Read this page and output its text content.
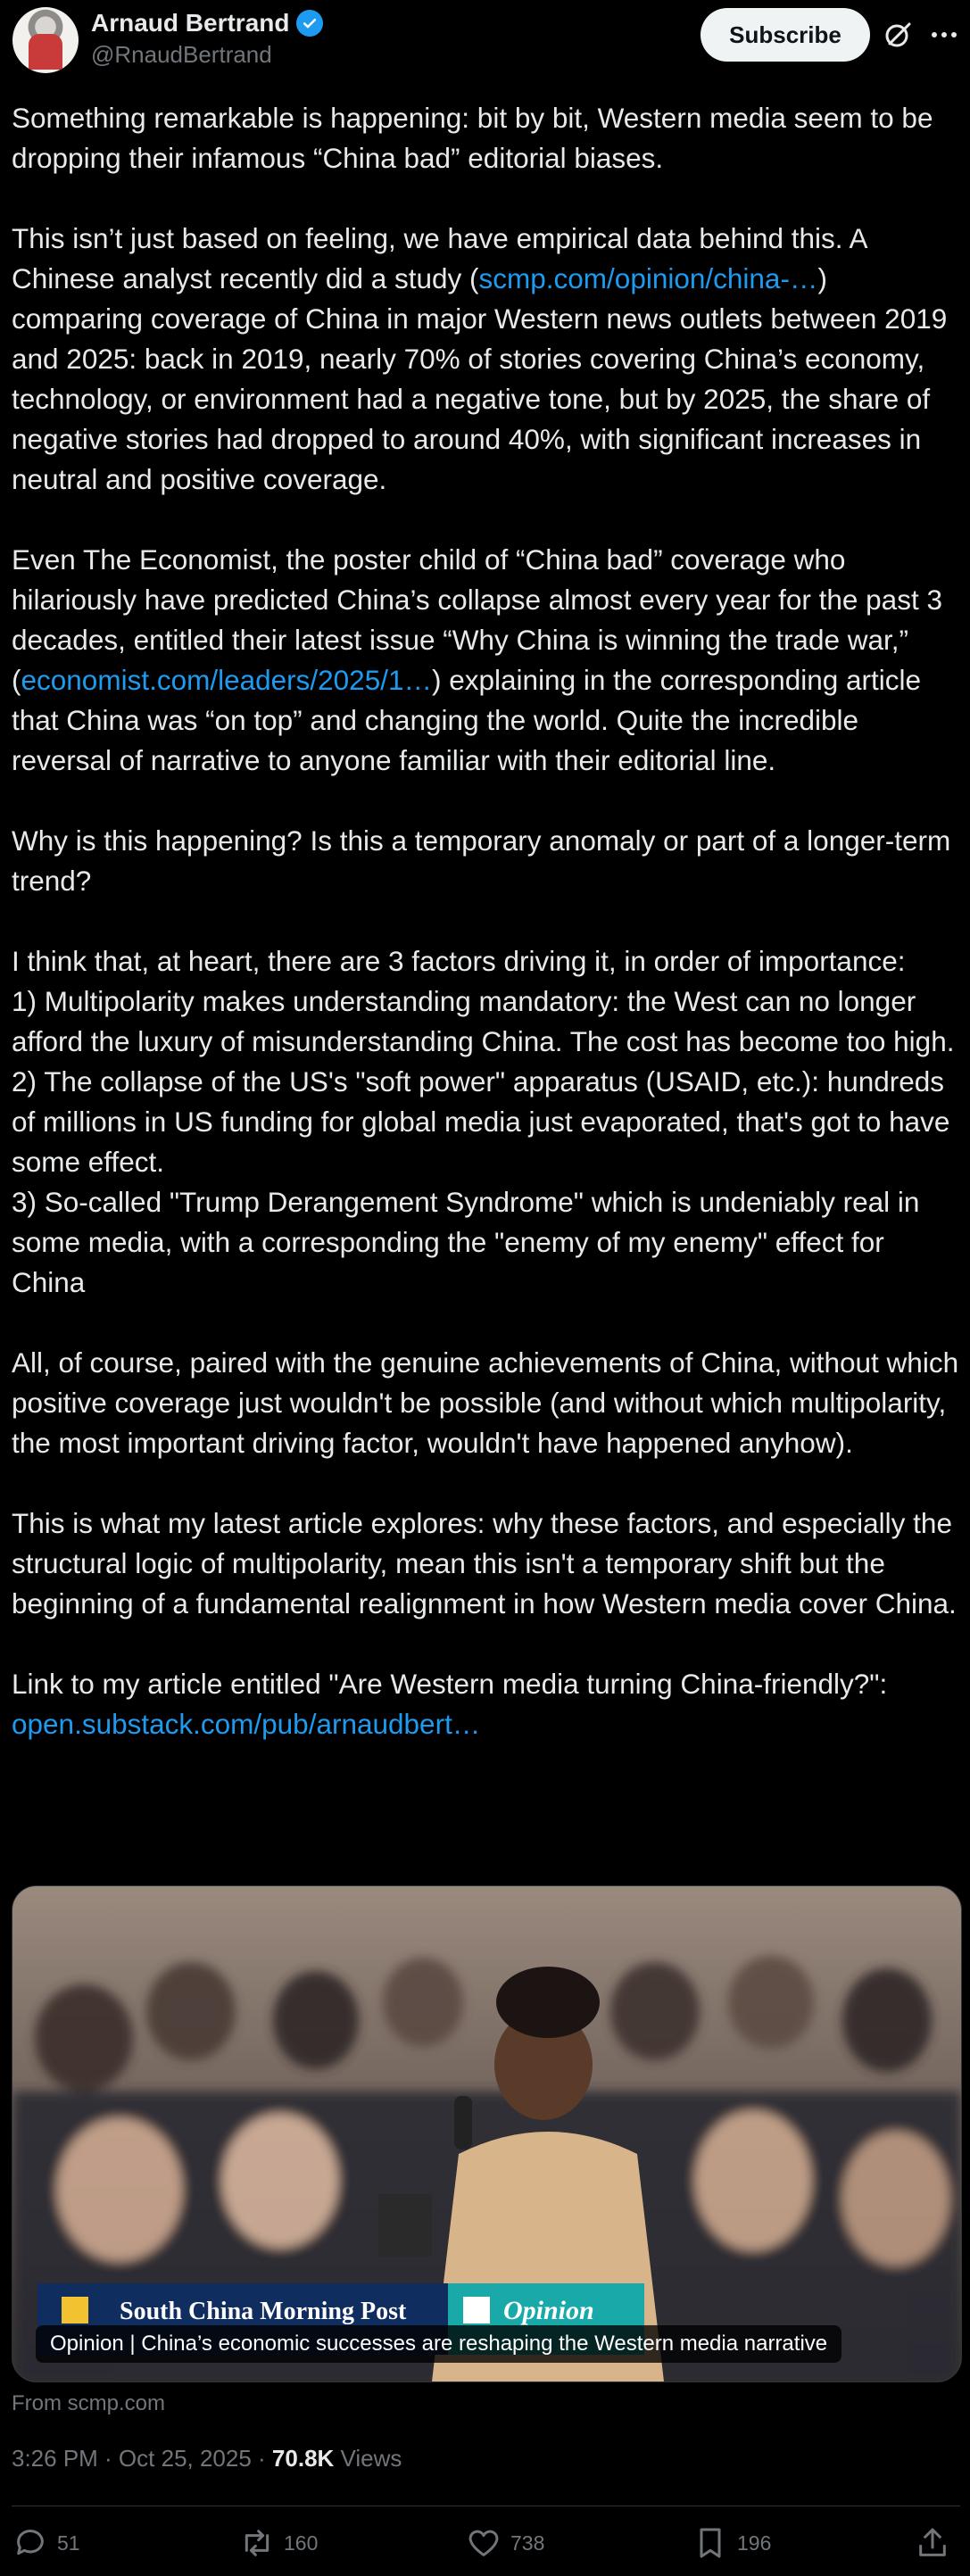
Arnaud Bertrand
@RnaudBertrand
Subscribe
Something remarkable is happening: bit by bit, Western media seem to be dropping their infamous “China bad” editorial biases.

This isn’t just based on feeling, we have empirical data behind this. A Chinese analyst recently did a study (scmp.com/opinion/china-…) comparing coverage of China in major Western news outlets between 2019 and 2025: back in 2019, nearly 70% of stories covering China’s economy, technology, or environment had a negative tone, but by 2025, the share of negative stories had dropped to around 40%, with significant increases in neutral and positive coverage.

Even The Economist, the poster child of “China bad” coverage who hilariously have predicted China’s collapse almost every year for the past 3 decades, entitled their latest issue “Why China is winning the trade war,” (economist.com/leaders/2025/1…) explaining in the corresponding article that China was “on top” and changing the world. Quite the incredible reversal of narrative to anyone familiar with their editorial line.

Why is this happening? Is this a temporary anomaly or part of a longer-term trend?

I think that, at heart, there are 3 factors driving it, in order of importance:
1) Multipolarity makes understanding mandatory: the West can no longer afford the luxury of misunderstanding China. The cost has become too high.
2) The collapse of the US's "soft power" apparatus (USAID, etc.): hundreds of millions in US funding for global media just evaporated, that's got to have some effect.
3) So-called "Trump Derangement Syndrome" which is undeniably real in some media, with a corresponding the "enemy of my enemy" effect for China

All, of course, paired with the genuine achievements of China, without which positive coverage just wouldn't be possible (and without which multipolarity, the most important driving factor, wouldn't have happened anyhow).

This is what my latest article explores: why these factors, and especially the structural logic of multipolarity, mean this isn't a temporary shift but the beginning of a fundamental realignment in how Western media cover China.

Link to my article entitled "Are Western media turning China-friendly?":
open.substack.com/pub/arnaudbert…
South China Morning Post	Opinion
Opinion | China’s economic successes are reshaping the Western media narrative
From scmp.com
3:26 PM · Oct 25, 2025 · 70.8K Views
51	160	738	196
